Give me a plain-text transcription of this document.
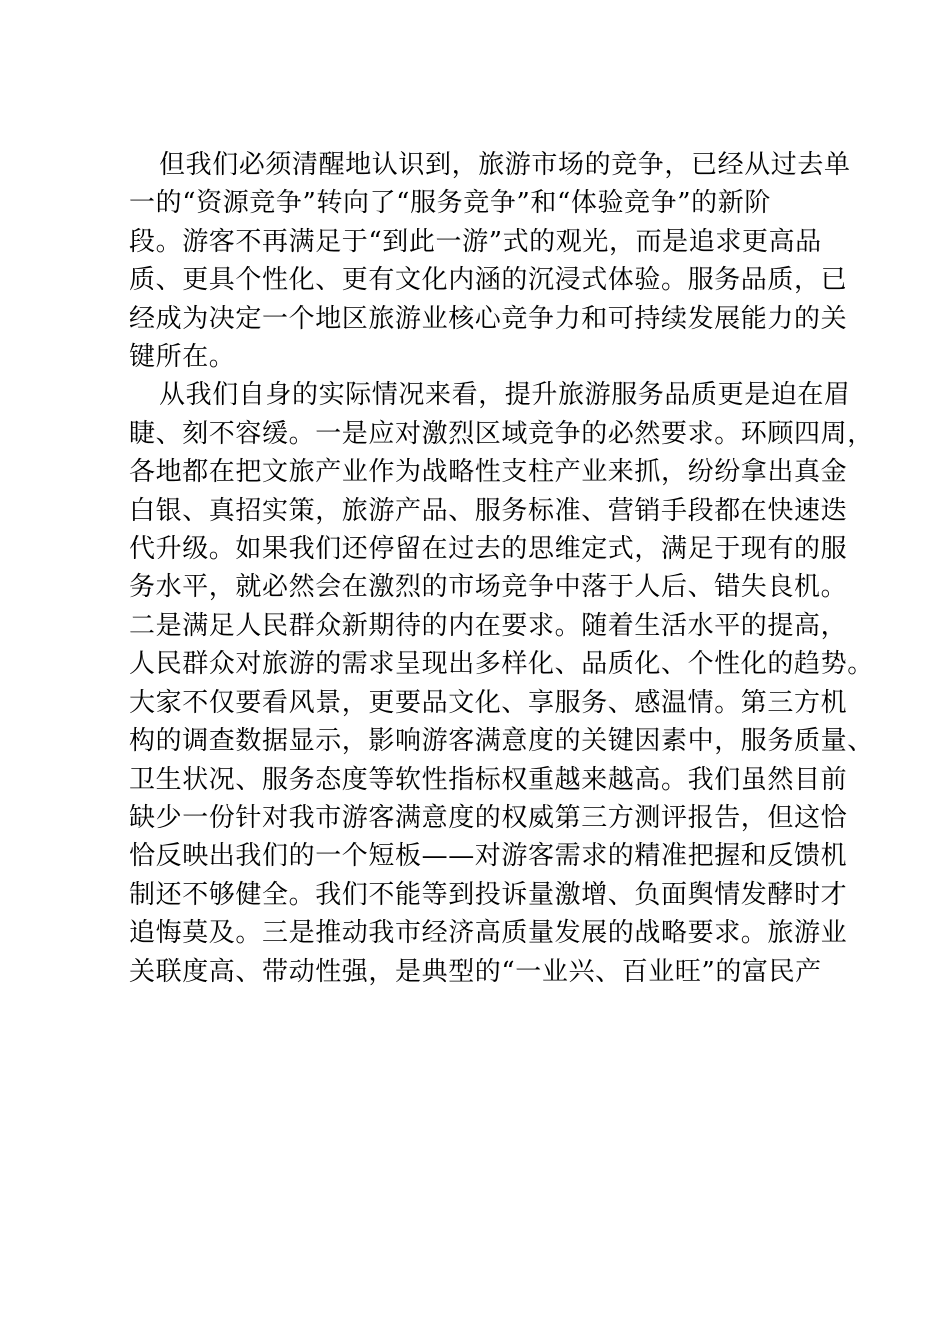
但我们必须清醒地认识到，旅游市场的竞争，已经从过去单
一的“资源竞争”转向了“服务竞争”和“体验竞争”的新阶
段。游客不再满足于“到此一游”式的观光，而是追求更高品
质、更具个性化、更有文化内涵的沉浸式体验。服务品质，已
经成为决定一个地区旅游业核心竞争力和可持续发展能力的关
键所在。
从我们自身的实际情况来看，提升旅游服务品质更是迫在眉
睫、刻不容缓。一是应对激烈区域竞争的必然要求。环顾四周，
各地都在把文旅产业作为战略性支柱产业来抓，纷纷拿出真金
白银、真招实策，旅游产品、服务标准、营销手段都在快速迭
代升级。如果我们还停留在过去的思维定式，满足于现有的服
务水平，就必然会在激烈的市场竞争中落于人后、错失良机。
二是满足人民群众新期待的内在要求。随着生活水平的提高，
人民群众对旅游的需求呈现出多样化、品质化、个性化的趋势。
大家不仅要看风景，更要品文化、享服务、感温情。第三方机
构的调查数据显示，影响游客满意度的关键因素中，服务质量、
卫生状况、服务态度等软性指标权重越来越高。我们虽然目前
缺少一份针对我市游客满意度的权威第三方测评报告，但这恰
恰反映出我们的一个短板——对游客需求的精准把握和反馈机
制还不够健全。我们不能等到投诉量激增、负面舆情发酵时才
追悔莫及。三是推动我市经济高质量发展的战略要求。旅游业
关联度高、带动性强，是典型的“一业兴、百业旺”的富民产
